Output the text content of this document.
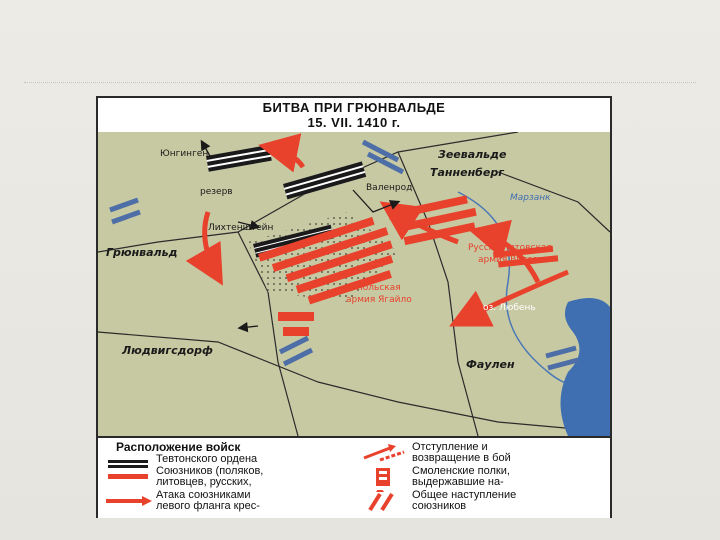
БИТВА ПРИ ГРЮНВАЛЬДЕ
15. VII. 1410 г.
Юнгинген
резерв
Лихтенштейн
Валенрод
Грюнвальд
Зеевальде
Танненберг
Марзанк
Русско-литовская
армия Витовта
Польская
армия Ягайло
оз. Любень
Людвигсдорф
Фаулен
Расположение войск
Тевтонского ордена
Союзников (поляков,
литовцев, русских,
Атака союзниками
левого фланга крес-
Отступление и
возвращение в бой
Смоленские полки,
выдержавшие на-
Общее наступление
союзников
